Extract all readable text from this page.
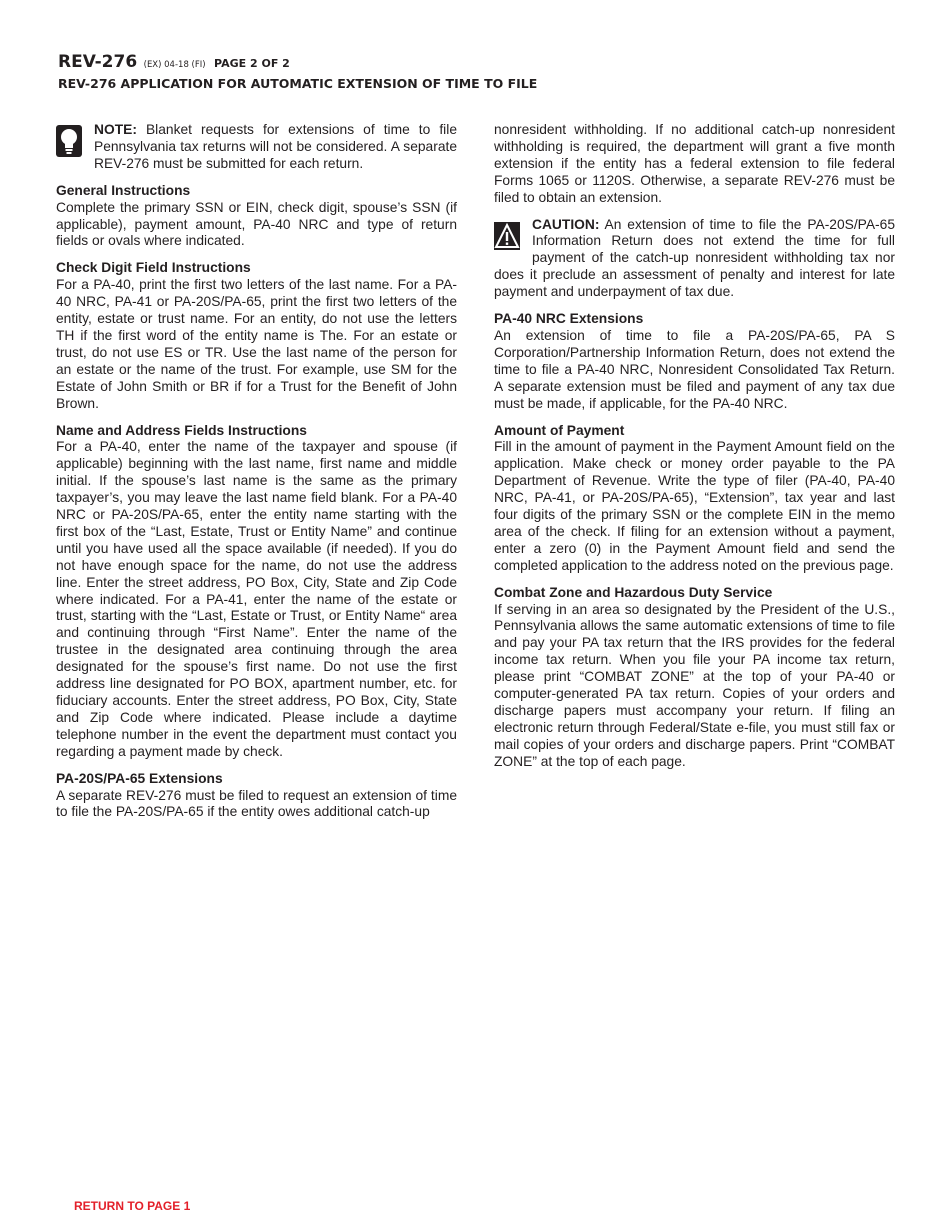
REV-276 (EX) 04-18 (FI) PAGE 2 OF 2
REV-276 APPLICATION FOR AUTOMATIC EXTENSION OF TIME TO FILE

NOTE: Blanket requests for extensions of time to file Pennsylvania tax returns will not be considered. A separate REV-276 must be submitted for each return.

General Instructions

Complete the primary SSN or EIN, check digit, spouse’s SSN (if applicable), payment amount, PA-40 NRC and type of return fields or ovals where indicated.

Check Digit Field Instructions

For a PA-40, print the first two letters of the last name. For a PA-40 NRC, PA-41 or PA-20S/PA-65, print the first two letters of the entity, estate or trust name. For an entity, do not use the letters TH if the first word of the entity name is The. For an estate or trust, do not use ES or TR. Use the last name of the person for an estate or the name of the trust. For example, use SM for the Estate of John Smith or BR if for a Trust for the Benefit of John Brown.

Name and Address Fields Instructions

For a PA-40, enter the name of the taxpayer and spouse (if applicable) beginning with the last name, first name and middle initial. If the spouse’s last name is the same as the primary taxpayer’s, you may leave the last name field blank. For a PA-40 NRC or PA-20S/PA-65, enter the entity name starting with the first box of the “Last, Estate, Trust or Entity Name” and continue until you have used all the space available (if needed). If you do not have enough space for the name, do not use the address line. Enter the street address, PO Box, City, State and Zip Code where indicated. For a PA-41, enter the name of the estate or trust, starting with the “Last, Estate or Trust, or Entity Name“ area and continuing through “First Name”. Enter the name of the trustee in the designated area continuing through the area designated for the spouse’s first name. Do not use the first address line designated for PO BOX, apartment number, etc. for fiduciary accounts. Enter the street address, PO Box, City, State and Zip Code where indicated. Please include a daytime telephone number in the event the department must contact you regarding a payment made by check.

PA-20S/PA-65 Extensions

A separate REV-276 must be filed to request an extension of time to file the PA-20S/PA-65 if the entity owes additional catch-up

nonresident withholding. If no additional catch-up nonresident withholding is required, the department will grant a five month extension if the entity has a federal extension to file federal Forms 1065 or 1120S. Otherwise, a separate REV-276 must be filed to obtain an extension.

CAUTION: An extension of time to file the PA-20S/PA-65 Information Return does not extend the time for full payment of the catch-up nonresident withholding tax nor does it preclude an assessment of penalty and interest for late payment and underpayment of tax due.

PA-40 NRC Extensions

An extension of time to file a PA-20S/PA-65, PA S Corporation/Partnership Information Return, does not extend the time to file a PA-40 NRC, Nonresident Consolidated Tax Return. A separate extension must be filed and payment of any tax due must be made, if applicable, for the PA-40 NRC.

Amount of Payment

Fill in the amount of payment in the Payment Amount field on the application. Make check or money order payable to the PA Department of Revenue. Write the type of filer (PA-40, PA-40 NRC, PA-41, or PA-20S/PA-65), “Extension”, tax year and last four digits of the primary SSN or the complete EIN in the memo area of the check. If filing for an extension without a payment, enter a zero (0) in the Payment Amount field and send the completed application to the address noted on the previous page.

Combat Zone and Hazardous Duty Service

If serving in an area so designated by the President of the U.S., Pennsylvania allows the same automatic extensions of time to file and pay your PA tax return that the IRS provides for the federal income tax return. When you file your PA income tax return, please print “COMBAT ZONE” at the top of your PA-40 or computer-generated PA tax return. Copies of your orders and discharge papers must accompany your return. If filing an electronic return through Federal/State e-file, you must still fax or mail copies of your orders and discharge papers. Print “COMBAT ZONE” at the top of each page.

RETURN TO PAGE 1
